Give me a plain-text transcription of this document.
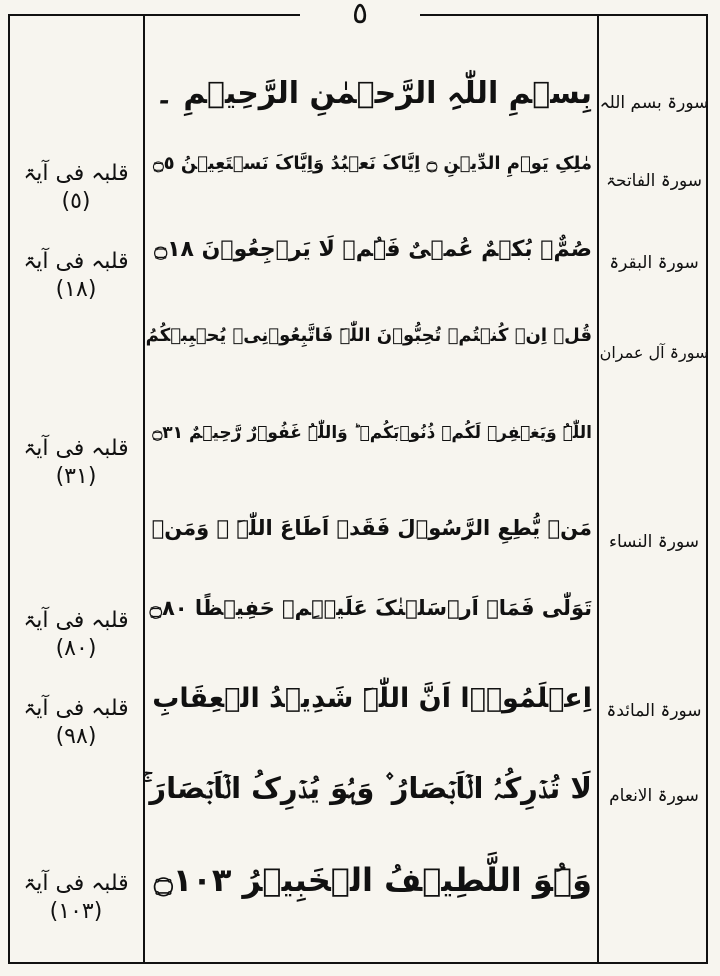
٥
بِسۡمِ اللّٰہِ الرَّحۡمٰنِ الرَّحِیۡمِ ۔
مٰلِکِ یَوۡمِ الدِّیۡنِ ۝ اِیَّاکَ نَعۡبُدُ وَاِیَّاکَ نَسۡتَعِیۡنُ ۝٥
صُمٌّۢ بُکۡمٌ عُمۡیٌ فَہُمۡ لَا یَرۡجِعُوۡنَ ۝١٨
قُلۡ اِنۡ کُنۡتُمۡ تُحِبُّوۡنَ اللّٰہَ فَاتَّبِعُوۡنِیۡ یُحۡبِبۡکُمُ
اللّٰہُ وَیَغۡفِرۡ لَکُمۡ ذُنُوۡبَکُمۡ ؕ وَاللّٰہُ غَفُوۡرٌ رَّحِیۡمٌ ۝٣١
مَنۡ یُّطِعِ الرَّسُوۡلَ فَقَدۡ اَطَاعَ اللّٰہَ ۚ وَمَنۡ
تَوَلّٰی فَمَاۤ اَرۡسَلۡنٰکَ عَلَیۡہِمۡ حَفِیۡظًا ۝٨٠
اِعۡلَمُوۡۤا اَنَّ اللّٰہَ شَدِیۡدُ الۡعِقَابِ
لَا تُدۡرِکُہُ الۡاَبۡصَارُ ۫ وَہُوَ یُدۡرِکُ الۡاَبۡصَارَ ۚ
وَہُوَ اللَّطِیۡفُ الۡخَبِیۡرُ ۝١٠٣
سورۃ بسم اللہ
سورۃ الفاتحۃ
سورۃ البقرۃ
سورۃ آل عمران
سورۃ النساء
سورۃ المائدۃ
سورۃ الانعام
قلبہ فی آیۃ
(٥)
قلبہ فی آیۃ
(١٨)
قلبہ فی آیۃ
(٣١)
قلبہ فی آیۃ
(٨٠)
قلبہ فی آیۃ
(٩٨)
قلبہ فی آیۃ
(١٠٣)
